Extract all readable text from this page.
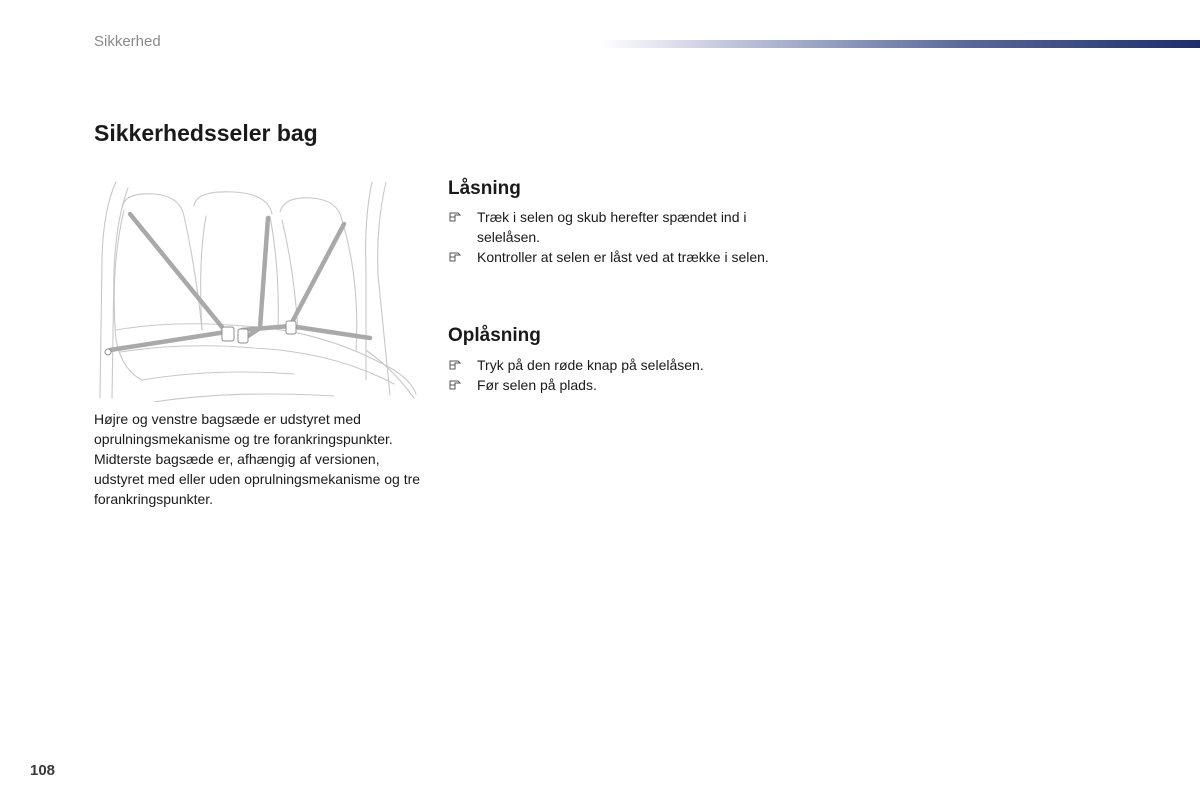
Sikkerhed
Sikkerhedsseler bag

Højre og venstre bagsæde er udstyret med oprulningsmekanisme og tre forankringspunkter.

Midterste bagsæde er, afhængig af versionen, udstyret med eller uden oprulningsmekanisme og tre forankringspunkter.

Låsning
Træk i selen og skub herefter spændet ind i selelåsen.
Kontroller at selen er låst ved at trække i selen.
Oplåsning
Tryk på den røde knap på selelåsen.
Før selen på plads.
108
